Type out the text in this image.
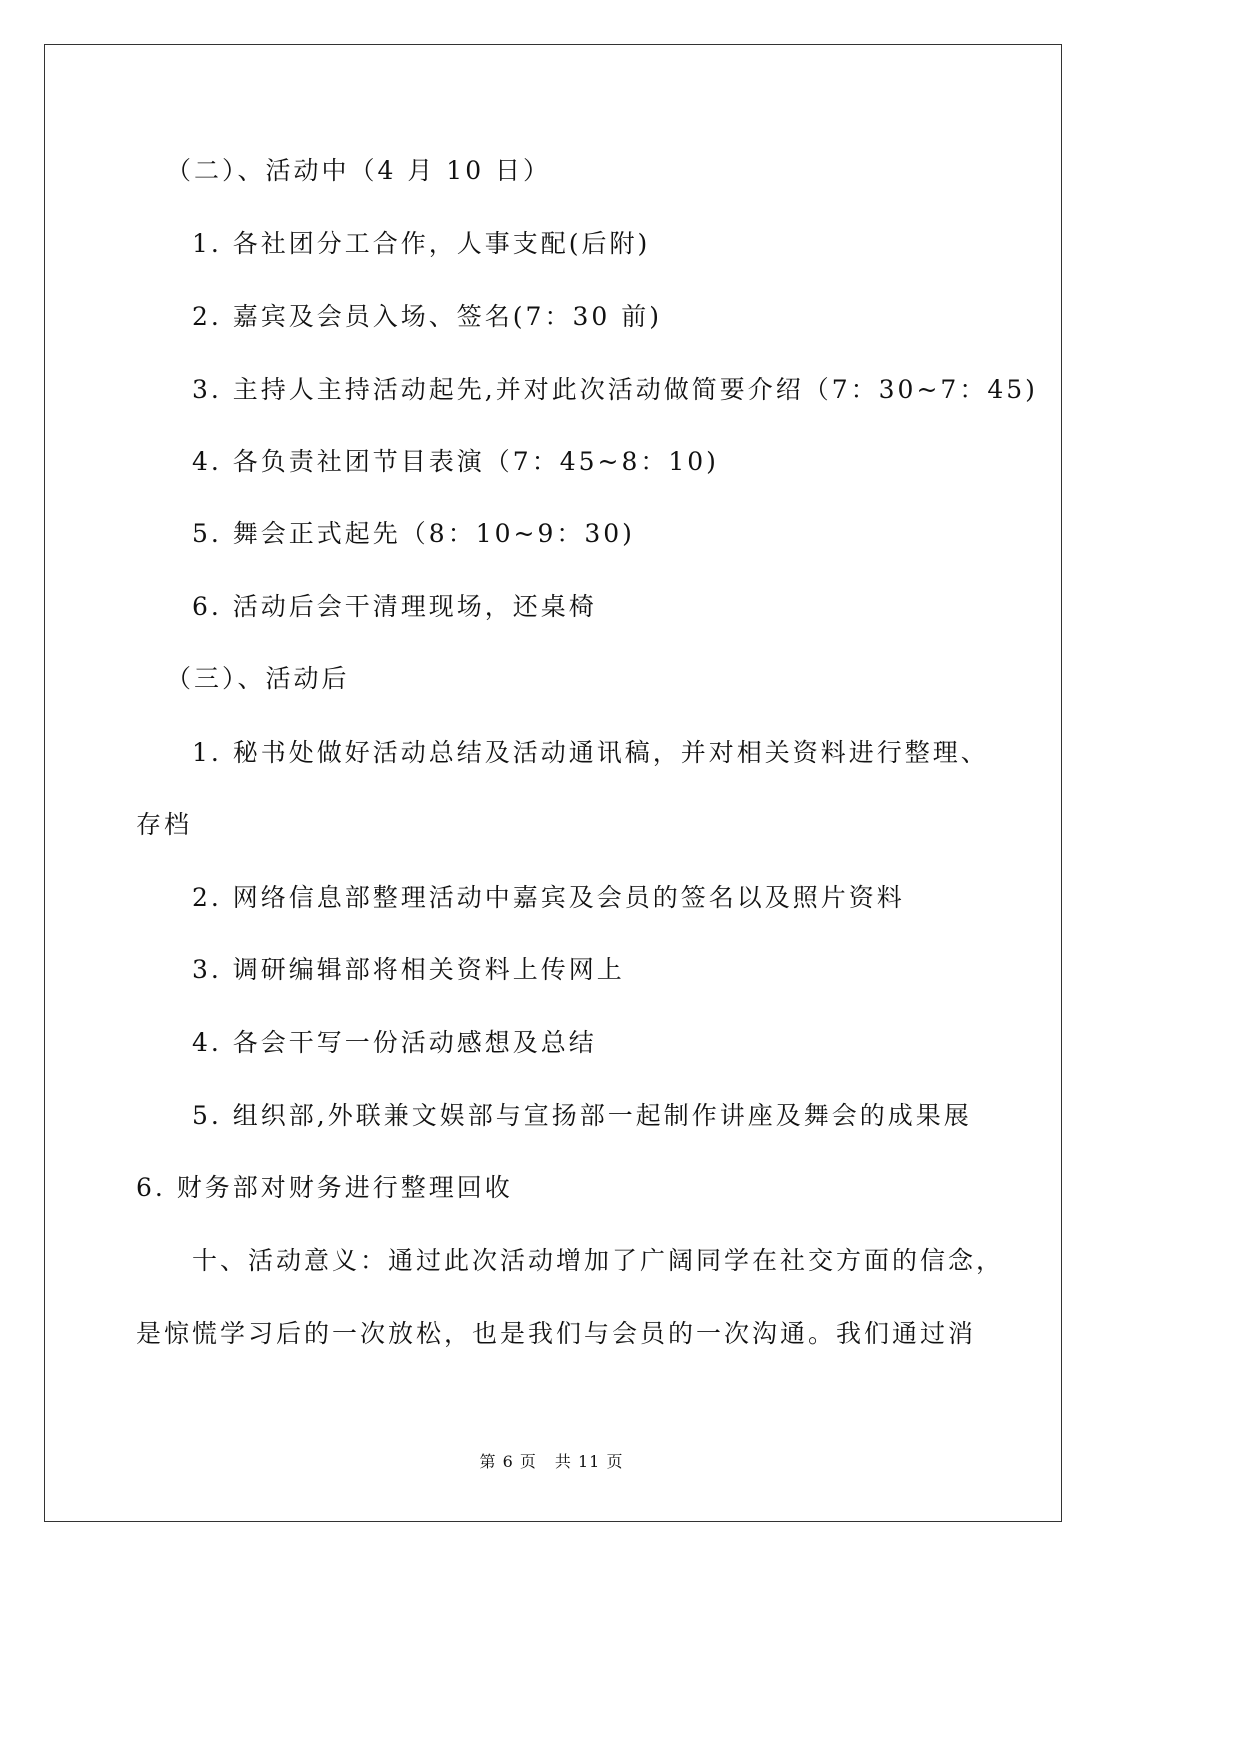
（二）、活动中（4 月 10 日）
1. 各社团分工合作，人事支配(后附)
2. 嘉宾及会员入场、签名(7：30 前)
3. 主持人主持活动起先,并对此次活动做简要介绍（7：30~7：45)
4. 各负责社团节目表演（7：45~8：10)
5. 舞会正式起先（8：10~9：30)
6. 活动后会干清理现场，还桌椅
（三）、活动后
1. 秘书处做好活动总结及活动通讯稿，并对相关资料进行整理、
存档
2. 网络信息部整理活动中嘉宾及会员的签名以及照片资料
3. 调研编辑部将相关资料上传网上
4. 各会干写一份活动感想及总结
5. 组织部,外联兼文娱部与宣扬部一起制作讲座及舞会的成果展
6. 财务部对财务进行整理回收
十、活动意义：通过此次活动增加了广阔同学在社交方面的信念，
是惊慌学习后的一次放松，也是我们与会员的一次沟通。我们通过消
第 6 页 共 11 页
